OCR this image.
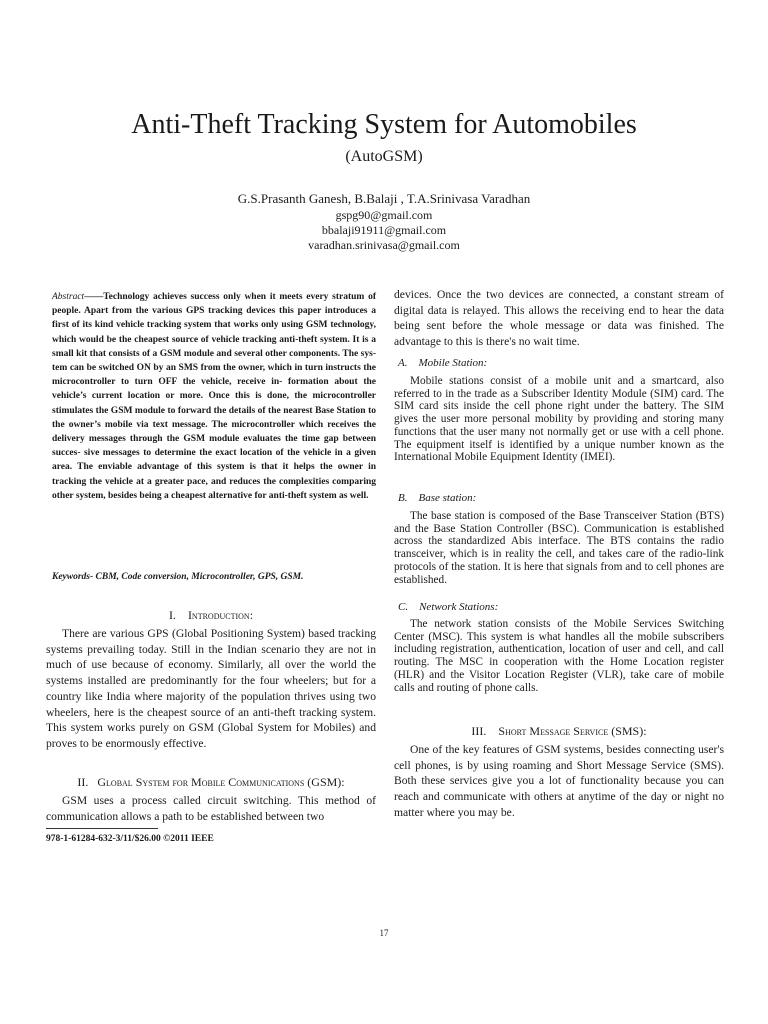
Anti-Theft Tracking System for Automobiles
(AutoGSM)
G.S.Prasanth Ganesh, B.Balaji , T.A.Srinivasa Varadhan
gspg90@gmail.com
bbalaji91911@gmail.com
varadhan.srinivasa@gmail.com
Abstract——Technology achieves success only when it meets every stratum of people. Apart from the various GPS tracking devices this paper introduces a first of its kind vehicle tracking system that works only using GSM technology, which would be the cheapest source of vehicle tracking anti-theft system. It is a small kit that consists of a GSM module and several other components. The sys- tem can be switched ON by an SMS from the owner, which in turn instructs the microcontroller to turn OFF the vehicle, receive in- formation about the vehicle’s current location or more. Once this is done, the microcontroller stimulates the GSM module to forward the details of the nearest Base Station to the owner’s mobile via text message. The microcontroller which receives the delivery messages through the GSM module evaluates the time gap between succes- sive messages to determine the exact location of the vehicle in a given area. The enviable advantage of this system is that it helps the owner in tracking the vehicle at a greater pace, and reduces the complexities comparing other system, besides being a cheapest alternative for anti-theft system as well.
Keywords- CBM, Code conversion, Microcontroller, GPS, GSM.
I. Introduction:

There are various GPS (Global Positioning System) based tracking systems prevailing today. Still in the Indian scenario they are not in much of use because of economy. Similarly, all over the world the systems installed are predominantly for the four wheelers; but for a country like India where majority of the population thrives using two wheelers, here is the cheapest source of an anti-theft tracking system. This system works purely on GSM (Global System for Mobiles) and proves to be enormously effective.

II. Global System for Mobile Communications (GSM):

GSM uses a process called circuit switching. This method of communication allows a path to be established between two

978-1-61284-632-3/11/$26.00 ©2011 IEEE

devices. Once the two devices are connected, a constant stream of digital data is relayed. This allows the receiving end to hear the data being sent before the whole message or data was finished. The advantage to this is there's no wait time.

A. Mobile Station:

Mobile stations consist of a mobile unit and a smartcard, also referred to in the trade as a Subscriber Identity Module (SIM) card. The SIM card sits inside the cell phone right under the battery. The SIM gives the user more personal mobility by providing and storing many functions that the user many not normally get or use with a cell phone. The equipment itself is identified by a unique number known as the International Mobile Equipment Identity (IMEI).

B. Base station:

The base station is composed of the Base Transceiver Station (BTS) and the Base Station Controller (BSC). Communication is established across the standardized Abis interface. The BTS contains the radio transceiver, which is in reality the cell, and takes care of the radio-link protocols of the station. It is here that signals from and to cell phones are established.

C. Network Stations:

The network station consists of the Mobile Services Switching Center (MSC). This system is what handles all the mobile subscribers including registration, authentication, location of user and cell, and call routing. The MSC in cooperation with the Home Location register (HLR) and the Visitor Location Register (VLR), take care of mobile calls and routing of phone calls.

III. Short Message Service (SMS):

One of the key features of GSM systems, besides connecting user's cell phones, is by using roaming and Short Message Service (SMS). Both these services give you a lot of functionality because you can reach and communicate with others at anytime of the day or night no matter where you may be.

17
